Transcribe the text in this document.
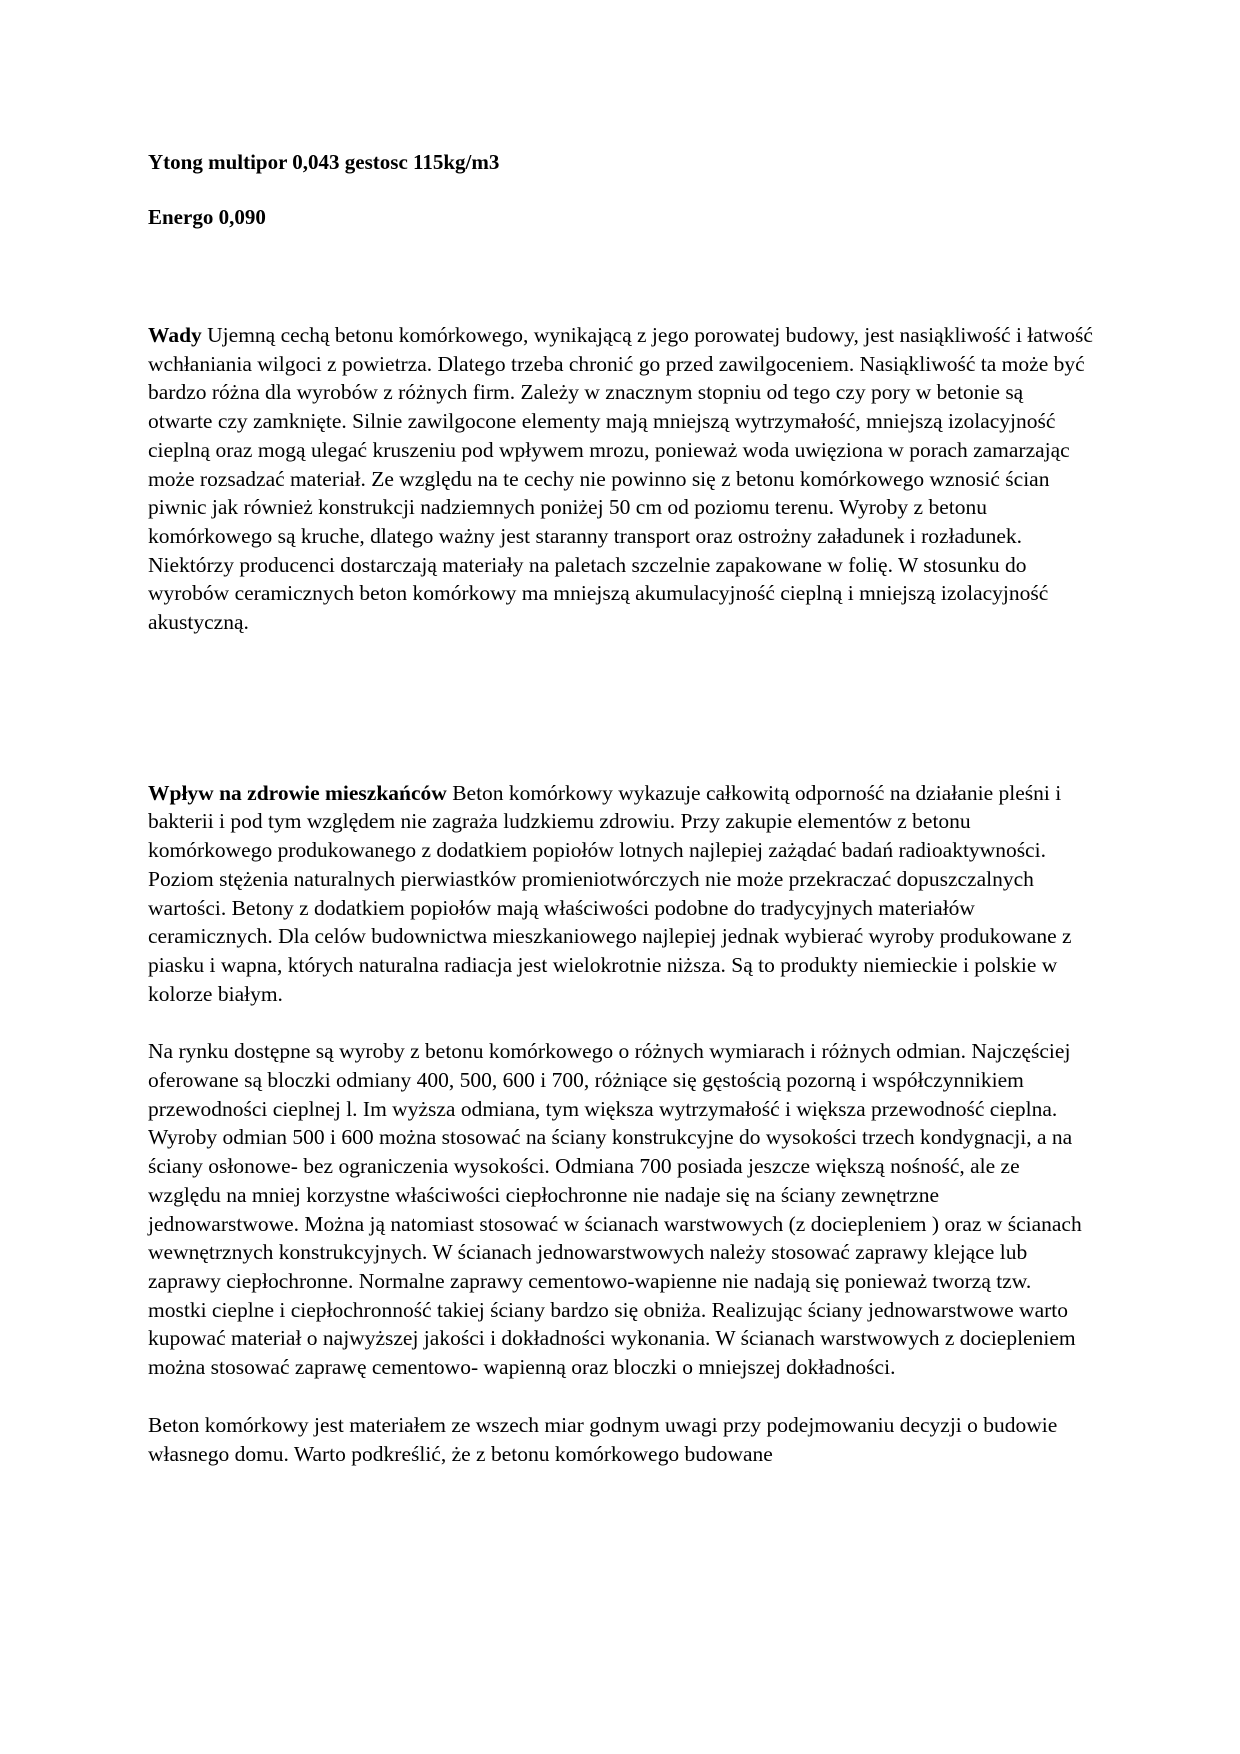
Ytong multipor 0,043 gestosc 115kg/m3

Energo 0,090

Wady Ujemną cechą betonu komórkowego, wynikającą z jego porowatej budowy, jest nasiąkliwość i łatwość wchłaniania wilgoci z powietrza. Dlatego trzeba chronić go przed zawilgoceniem. Nasiąkliwość ta może być bardzo różna dla wyrobów z różnych firm. Zależy w znacznym stopniu od tego czy pory w betonie są otwarte czy zamknięte. Silnie zawilgocone elementy mają mniejszą wytrzymałość, mniejszą izolacyjność cieplną oraz mogą ulegać kruszeniu pod wpływem mrozu, ponieważ woda uwięziona w porach zamarzając może rozsadzać materiał. Ze względu na te cechy nie powinno się z betonu komórkowego wznosić ścian piwnic jak również konstrukcji nadziemnych poniżej 50 cm od poziomu terenu. Wyroby z betonu komórkowego są kruche, dlatego ważny jest staranny transport oraz ostrożny załadunek i rozładunek. Niektórzy producenci dostarczają materiały na paletach szczelnie zapakowane w folię. W stosunku do wyrobów ceramicznych beton komórkowy ma mniejszą akumulacyjność cieplną i mniejszą izolacyjność akustyczną.

Wpływ na zdrowie mieszkańców Beton komórkowy wykazuje całkowitą odporność na działanie pleśni i bakterii i pod tym względem nie zagraża ludzkiemu zdrowiu. Przy zakupie elementów z betonu komórkowego produkowanego z dodatkiem popiołów lotnych najlepiej zażądać badań radioaktywności. Poziom stężenia naturalnych pierwiastków promieniotwórczych nie może przekraczać dopuszczalnych wartości. Betony z dodatkiem popiołów mają właściwości podobne do tradycyjnych materiałów ceramicznych. Dla celów budownictwa mieszkaniowego najlepiej jednak wybierać wyroby produkowane z piasku i wapna, których naturalna radiacja jest wielokrotnie niższa. Są to produkty niemieckie i polskie w kolorze białym.

Na rynku dostępne są wyroby z betonu komórkowego o różnych wymiarach i różnych odmian. Najczęściej oferowane są bloczki odmiany 400, 500, 600 i 700, różniące się gęstością pozorną i współczynnikiem przewodności cieplnej l. Im wyższa odmiana, tym większa wytrzymałość i większa przewodność cieplna. Wyroby odmian 500 i 600 można stosować na ściany konstrukcyjne do wysokości trzech kondygnacji, a na ściany osłonowe- bez ograniczenia wysokości. Odmiana 700 posiada jeszcze większą nośność, ale ze względu na mniej korzystne właściwości ciepłochronne nie nadaje się na ściany zewnętrzne jednowarstwowe. Można ją natomiast stosować w ścianach warstwowych (z dociepleniem ) oraz w ścianach wewnętrznych konstrukcyjnych. W ścianach jednowarstwowych należy stosować zaprawy klejące lub zaprawy ciepłochronne. Normalne zaprawy cementowo-wapienne nie nadają się ponieważ tworzą tzw. mostki cieplne i ciepłochronność takiej ściany bardzo się obniża. Realizując ściany jednowarstwowe warto kupować materiał o najwyższej jakości i dokładności wykonania. W ścianach warstwowych z dociepleniem można stosować zaprawę cementowo- wapienną oraz bloczki o mniejszej dokładności.

Beton komórkowy jest materiałem ze wszech miar godnym uwagi przy podejmowaniu decyzji o budowie własnego domu. Warto podkreślić, że z betonu komórkowego budowane
